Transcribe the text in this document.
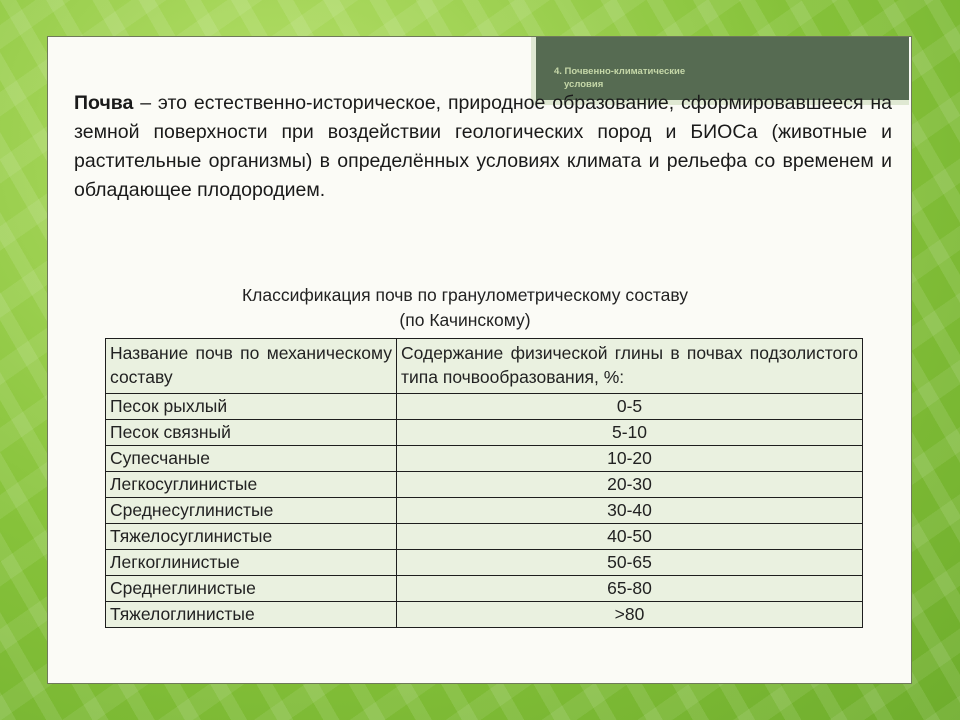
4. Почвенно-климатические
условия

Почва – это естественно-историческое, природное образование, сформировавшееся на земной поверхности при воздействии геологических пород и БИОСа (животные и растительные организмы) в определённых условиях климата и рельефа со временем и обладающее плодородием.

Классификация почв по гранулометрическому составу
(по Качинскому)
Название почв по механическому составу	Содержание физической глины в почвах подзолистого типа почвообразования, %:
Песок рыхлый	0-5
Песок связный	5-10
Супесчаные	10-20
Легкосуглинистые	20-30
Среднесуглинистые	30-40
Тяжелосуглинистые	40-50
Легкоглинистые	50-65
Среднеглинистые	65-80
Тяжелоглинистые	>80
